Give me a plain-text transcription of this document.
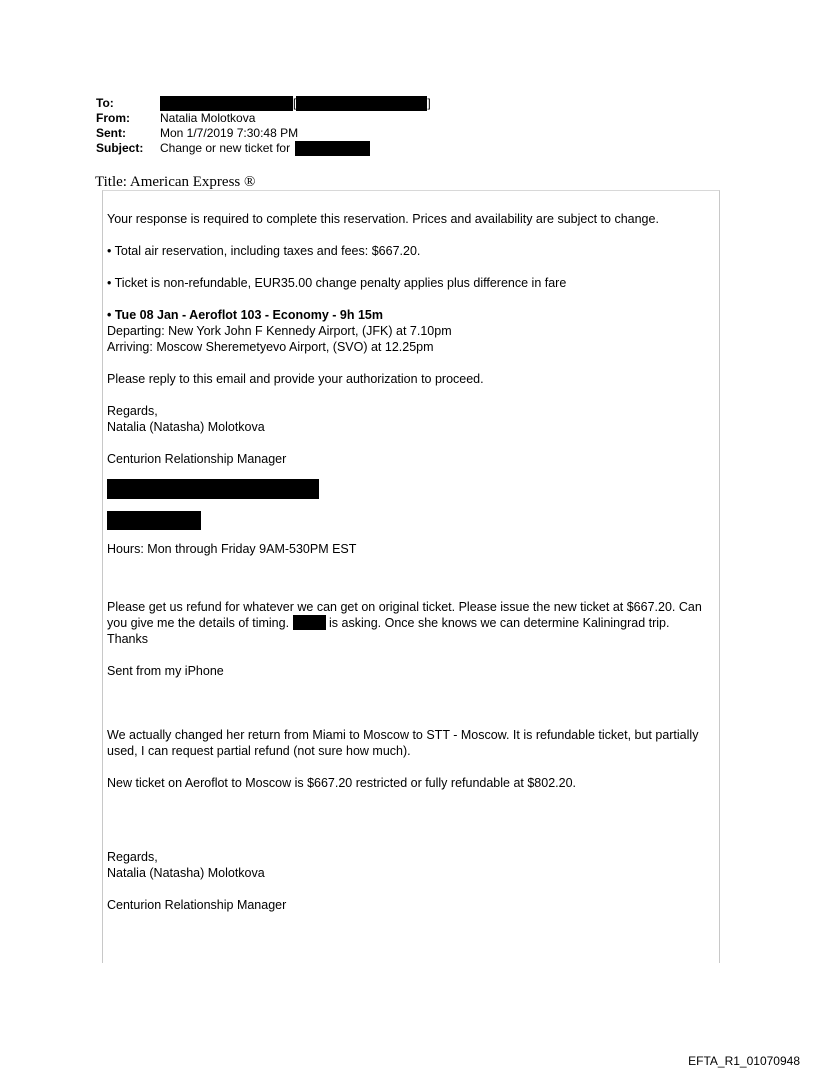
To:	[	]
From:	Natalia Molotkova
Sent:	Mon 1/7/2019 7:30:48 PM
Subject: Change or new ticket for
Title: American Express ®

Your response is required to complete this reservation. Prices and availability are subject to change.

• Total air reservation, including taxes and fees: $667.20.

• Ticket is non-refundable, EUR35.00 change penalty applies plus difference in fare

• Tue 08 Jan - Aeroflot 103 - Economy - 9h 15m

Departing: New York John F Kennedy Airport, (JFK) at 7.10pm

Arriving: Moscow Sheremetyevo Airport, (SVO) at 12.25pm

Please reply to this email and provide your authorization to proceed.

Regards,

Natalia (Natasha) Molotkova

Centurion Relationship Manager

Hours: Mon through Friday 9AM-530PM EST

Please get us refund for whatever we can get on original ticket. Please issue the new ticket at $667.20. Can you give me the details of timing.	is asking. Once she knows we can determine Kaliningrad trip. Thanks

Sent from my iPhone

We actually changed her return from Miami to Moscow to STT - Moscow. It is refundable ticket, but partially used, I can request partial refund (not sure how much).

New ticket on Aeroflot to Moscow is $667.20 restricted or fully refundable at $802.20.

Regards,

Natalia (Natasha) Molotkova

Centurion Relationship Manager

EFTA_R1_01070948
